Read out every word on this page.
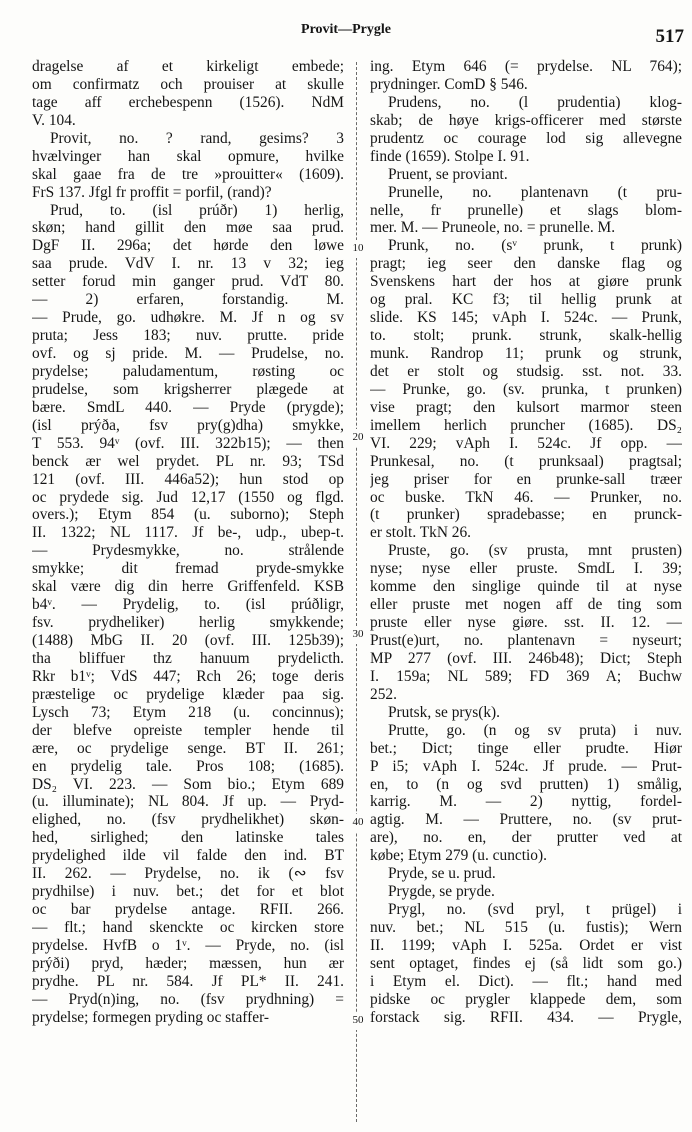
Provit—Prygle	517
dragelse af et kirkeligt embede;
om confirmatz och prouiser at skulle
tage aff erchebespenn (1526). NdM
V. 104.
Provit, no. ? rand, gesims? 3
hvælvinger han skal opmure, hvilke
skal gaae fra de tre »prouitter« (1609).
FrS 137. Jfgl fr proffit = porfil, (rand)?
Prud, to. (isl prúðr) 1) herlig,
skøn; hand gillit den møe saa prud.
DgF II. 296a; det hørde den løwe
saa prude. VdV I. nr. 13 v 32; ieg
setter forud min ganger prud. VdT 80.
— 2) erfaren, forstandig. M.
— Prude, go. udhøkre. M. Jf n og sv
pruta; Jess 183; nuv. prutte. pride
ovf. og sj pride. M. — Prudelse, no.
prydelse; paludamentum, røsting oc
prudelse, som krigsherrer plægede at
bære. SmdL 440. — Pryde (prygde);
(isl prýða, fsv pry(g)dha) smykke,
T 553. 94ᵛ (ovf. III. 322b15); — then
benck ær wel prydet. PL nr. 93; TSd
121 (ovf. III. 446a52); hun stod op
oc prydede sig. Jud 12,17 (1550 og flgd.
overs.); Etym 854 (u. suborno); Steph
II. 1322; NL 1117. Jf be-, udp., ubep-t.
— Prydesmykke, no. strålende
smykke; dit fremad pryde-smykke
skal være dig din herre Griffenfeld. KSB
b4ᵛ. — Prydelig, to. (isl prúðligr,
fsv. prydheliker) herlig smykkende;
(1488) MbG II. 20 (ovf. III. 125b39);
tha bliffuer thz hanuum prydelicth.
Rkr b1ᵛ; VdS 447; Rch 26; toge deris
præstelige oc prydelige klæder paa sig.
Lysch 73; Etym 218 (u. concinnus);
der blefve opreiste templer hende til
ære, oc prydelige senge. BT II. 261;
en prydelig tale. Pros 108; (1685).
DS₂ VI. 223. — Som bio.; Etym 689
(u. illuminate); NL 804. Jf up. — Pryd-
elighed, no. (fsv prydhelikhet) skøn-
hed, sirlighed; den latinske tales
prydelighed ilde vil falde den ind. BT
II. 262. — Prydelse, no. ik (∾ fsv
prydhilse) i nuv. bet.; det for et blot
oc bar prydelse antage. RFII. 266.
— flt.; hand skenckte oc kircken store
prydelse. HvfB o 1ᵛ. — Pryde, no. (isl
prýði) pryd, hæder; mæssen, hun ær
prydhe. PL nr. 584. Jf PL* II. 241.
— Pryd(n)ing, no. (fsv prydhning) =
prydelse; formegen pryding oc staffer-
ing. Etym 646 (= prydelse. NL 764);
prydninger. ComD § 546.
Prudens, no. (l prudentia) klog-
skab; de høye krigs-officerer med største
prudentz oc courage lod sig allevegne
finde (1659). Stolpe I. 91.
Pruent, se proviant.
Prunelle, no. plantenavn (t pru-
nelle, fr prunelle) et slags blom-
mer. M. — Pruneole, no. = prunelle. M.
Prunk, no. (sᵛ prunk, t prunk)
pragt; ieg seer den danske flag og
Svenskens hart der hos at giøre prunk
og pral. KC f3; til hellig prunk at
slide. KS 145; vAph I. 524c. — Prunk,
to. stolt; prunk. strunk, skalk-hellig
munk. Randrop 11; prunk og strunk,
det er stolt og studsig. sst. not. 33.
— Prunke, go. (sv. prunka, t prunken)
vise pragt; den kulsort marmor steen
imellem herlich pruncher (1685). DS₂
VI. 229; vAph I. 524c. Jf opp. —
Prunkesal, no. (t prunksaal) pragtsal;
jeg priser for en prunke-sall træer
oc buske. TkN 46. — Prunker, no.
(t prunker) spradebasse; en prunck-
er stolt. TkN 26.
Pruste, go. (sv prusta, mnt prusten)
nyse; nyse eller pruste. SmdL I. 39;
komme den singlige quinde til at nyse
eller pruste met nogen aff de ting som
pruste eller nyse giøre. sst. II. 12. —
Prust(e)urt, no. plantenavn = nyseurt;
MP 277 (ovf. III. 246b48); Dict; Steph
I. 159a; NL 589; FD 369 A; Buchw
252.
Prutsk, se prys(k).
Prutte, go. (n og sv pruta) i nuv.
bet.; Dict; tinge eller prudte. Hiør
P i5; vAph I. 524c. Jf prude. — Prut-
en, to (n og svd prutten) 1) smålig,
karrig. M. — 2) nyttig, fordel-
agtig. M. — Pruttere, no. (sv prut-
are), no. en, der prutter ved at
købe; Etym 279 (u. cunctio).
Pryde, se u. prud.
Prygde, se pryde.
Prygl, no. (svd pryl, t prügel) i
nuv. bet.; NL 515 (u. fustis); Wern
II. 1199; vAph I. 525a. Ordet er vist
sent optaget, findes ej (så lidt som go.)
i Etym el. Dict). — flt.; hand med
pidske oc prygler klappede dem, som
forstack sig. RFII. 434. — Prygle,
10
20
30
40
50
